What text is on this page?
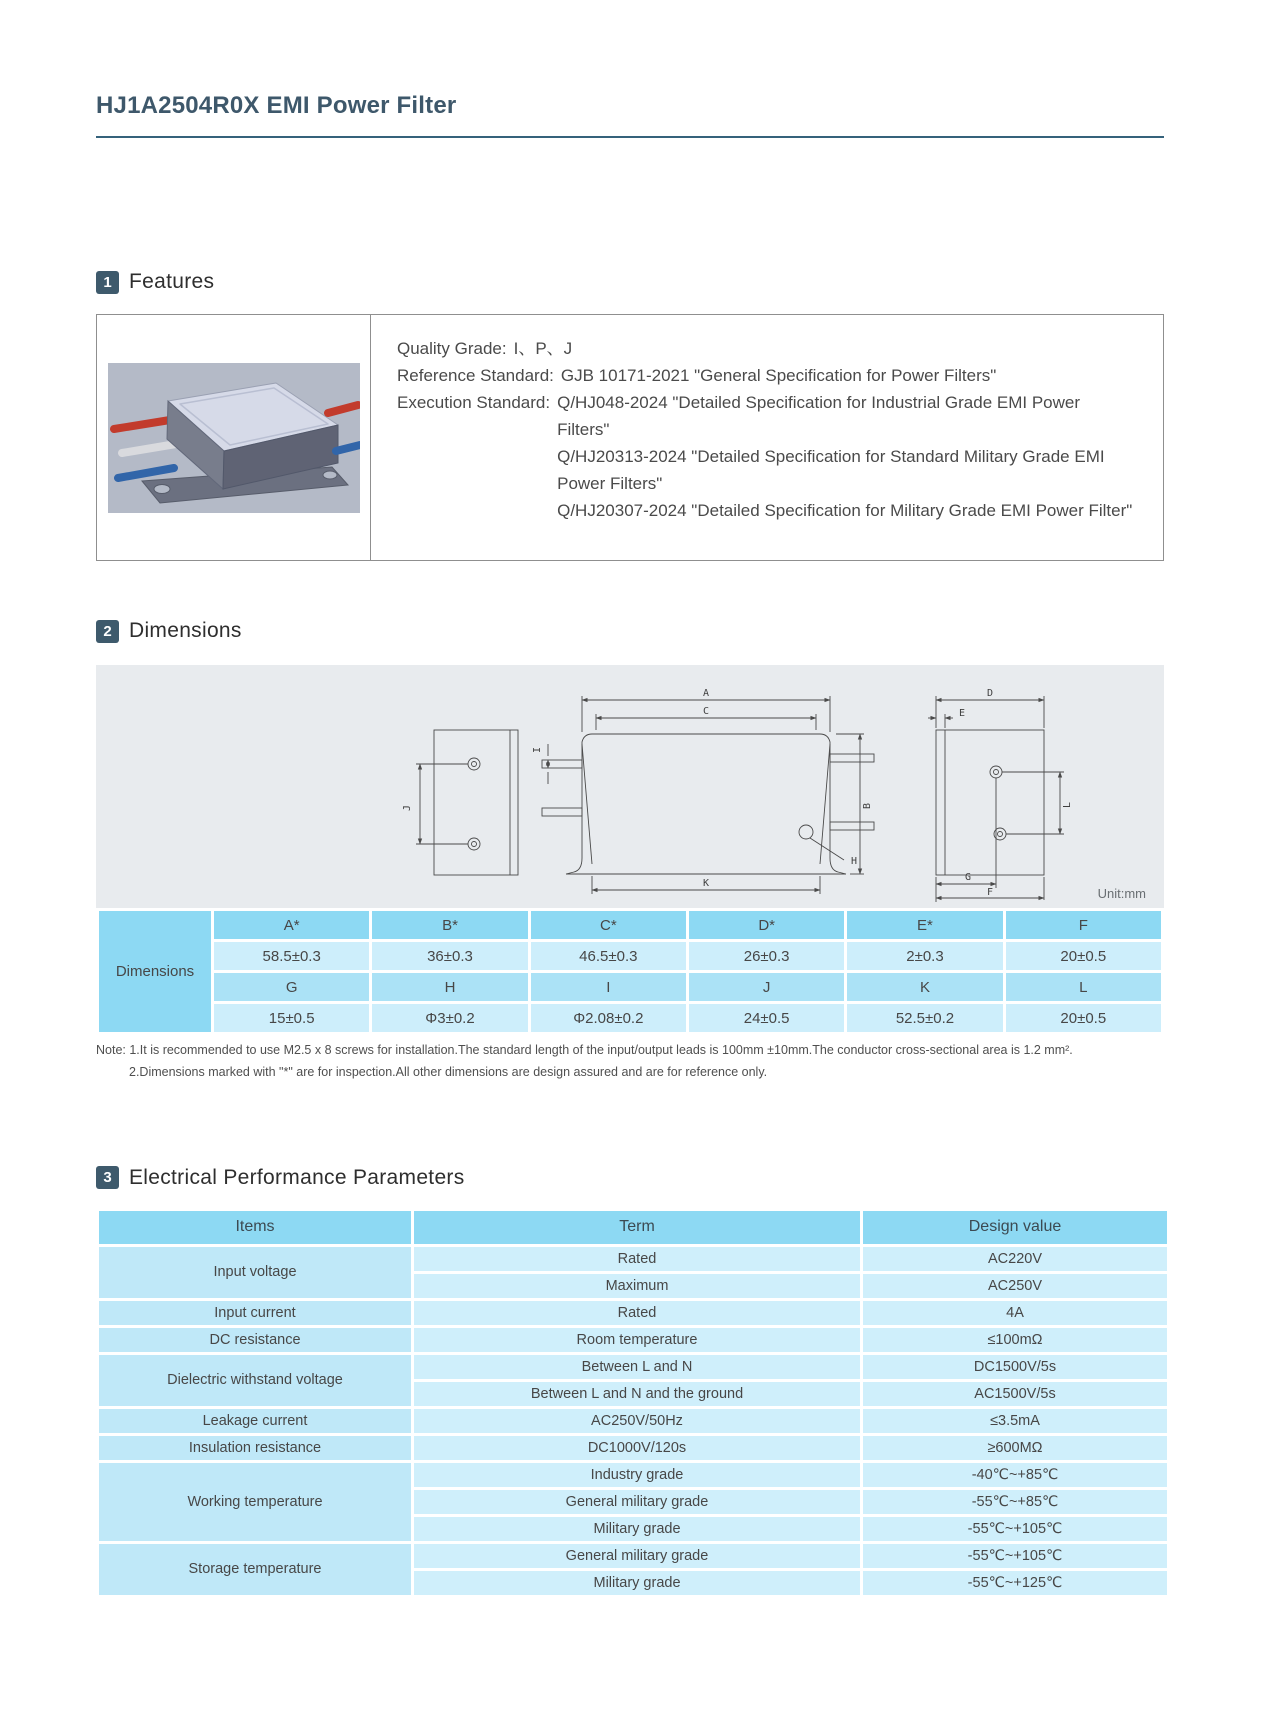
HJ1A2504R0X EMI Power Filter
1 Features
Quality Grade: I、P、J
Reference Standard: GJB 10171-2021 "General Specification for Power Filters"
Execution Standard: Q/HJ048-2024 "Detailed Specification for Industrial Grade EMI Power Filters"

Q/HJ20313-2024 "Detailed Specification for Standard Military Grade EMI Power Filters"

Q/HJ20307-2024 "Detailed Specification for Military Grade EMI Power Filter"

2 Dimensions
J
H
A
C
I
B
K
D
E
L
G
F	Unit:mm
Dimensions	A*	B*	C*	D*	E*	F
	58.5±0.3	36±0.3	46.5±0.3	26±0.3	2±0.3	20±0.5
	G	H	I	J	K	L
	15±0.5	Φ3±0.2	Φ2.08±0.2	24±0.5	52.5±0.2	20±0.5
Note: 1.It is recommended to use M2.5 x 8 screws for installation.The standard length of the input/output leads is 100mm ±10mm.The conductor cross-sectional area is 1.2 mm².
2.Dimensions marked with "*" are for inspection.All other dimensions are design assured and are for reference only.
3 Electrical Performance Parameters
Items	Term	Design value
Input voltage	Rated	AC220V
	Maximum	AC250V
Input current	Rated	4A
DC resistance	Room temperature	≤100mΩ
Dielectric withstand voltage	Between L and N	DC1500V/5s
	Between L and N and the ground	AC1500V/5s
Leakage current	AC250V/50Hz	≤3.5mA
Insulation resistance	DC1000V/120s	≥600MΩ
Working temperature	Industry grade	-40℃~+85℃
	General military grade	-55℃~+85℃
	Military grade	-55℃~+105℃
Storage temperature	General military grade	-55℃~+105℃
	Military grade	-55℃~+125℃
